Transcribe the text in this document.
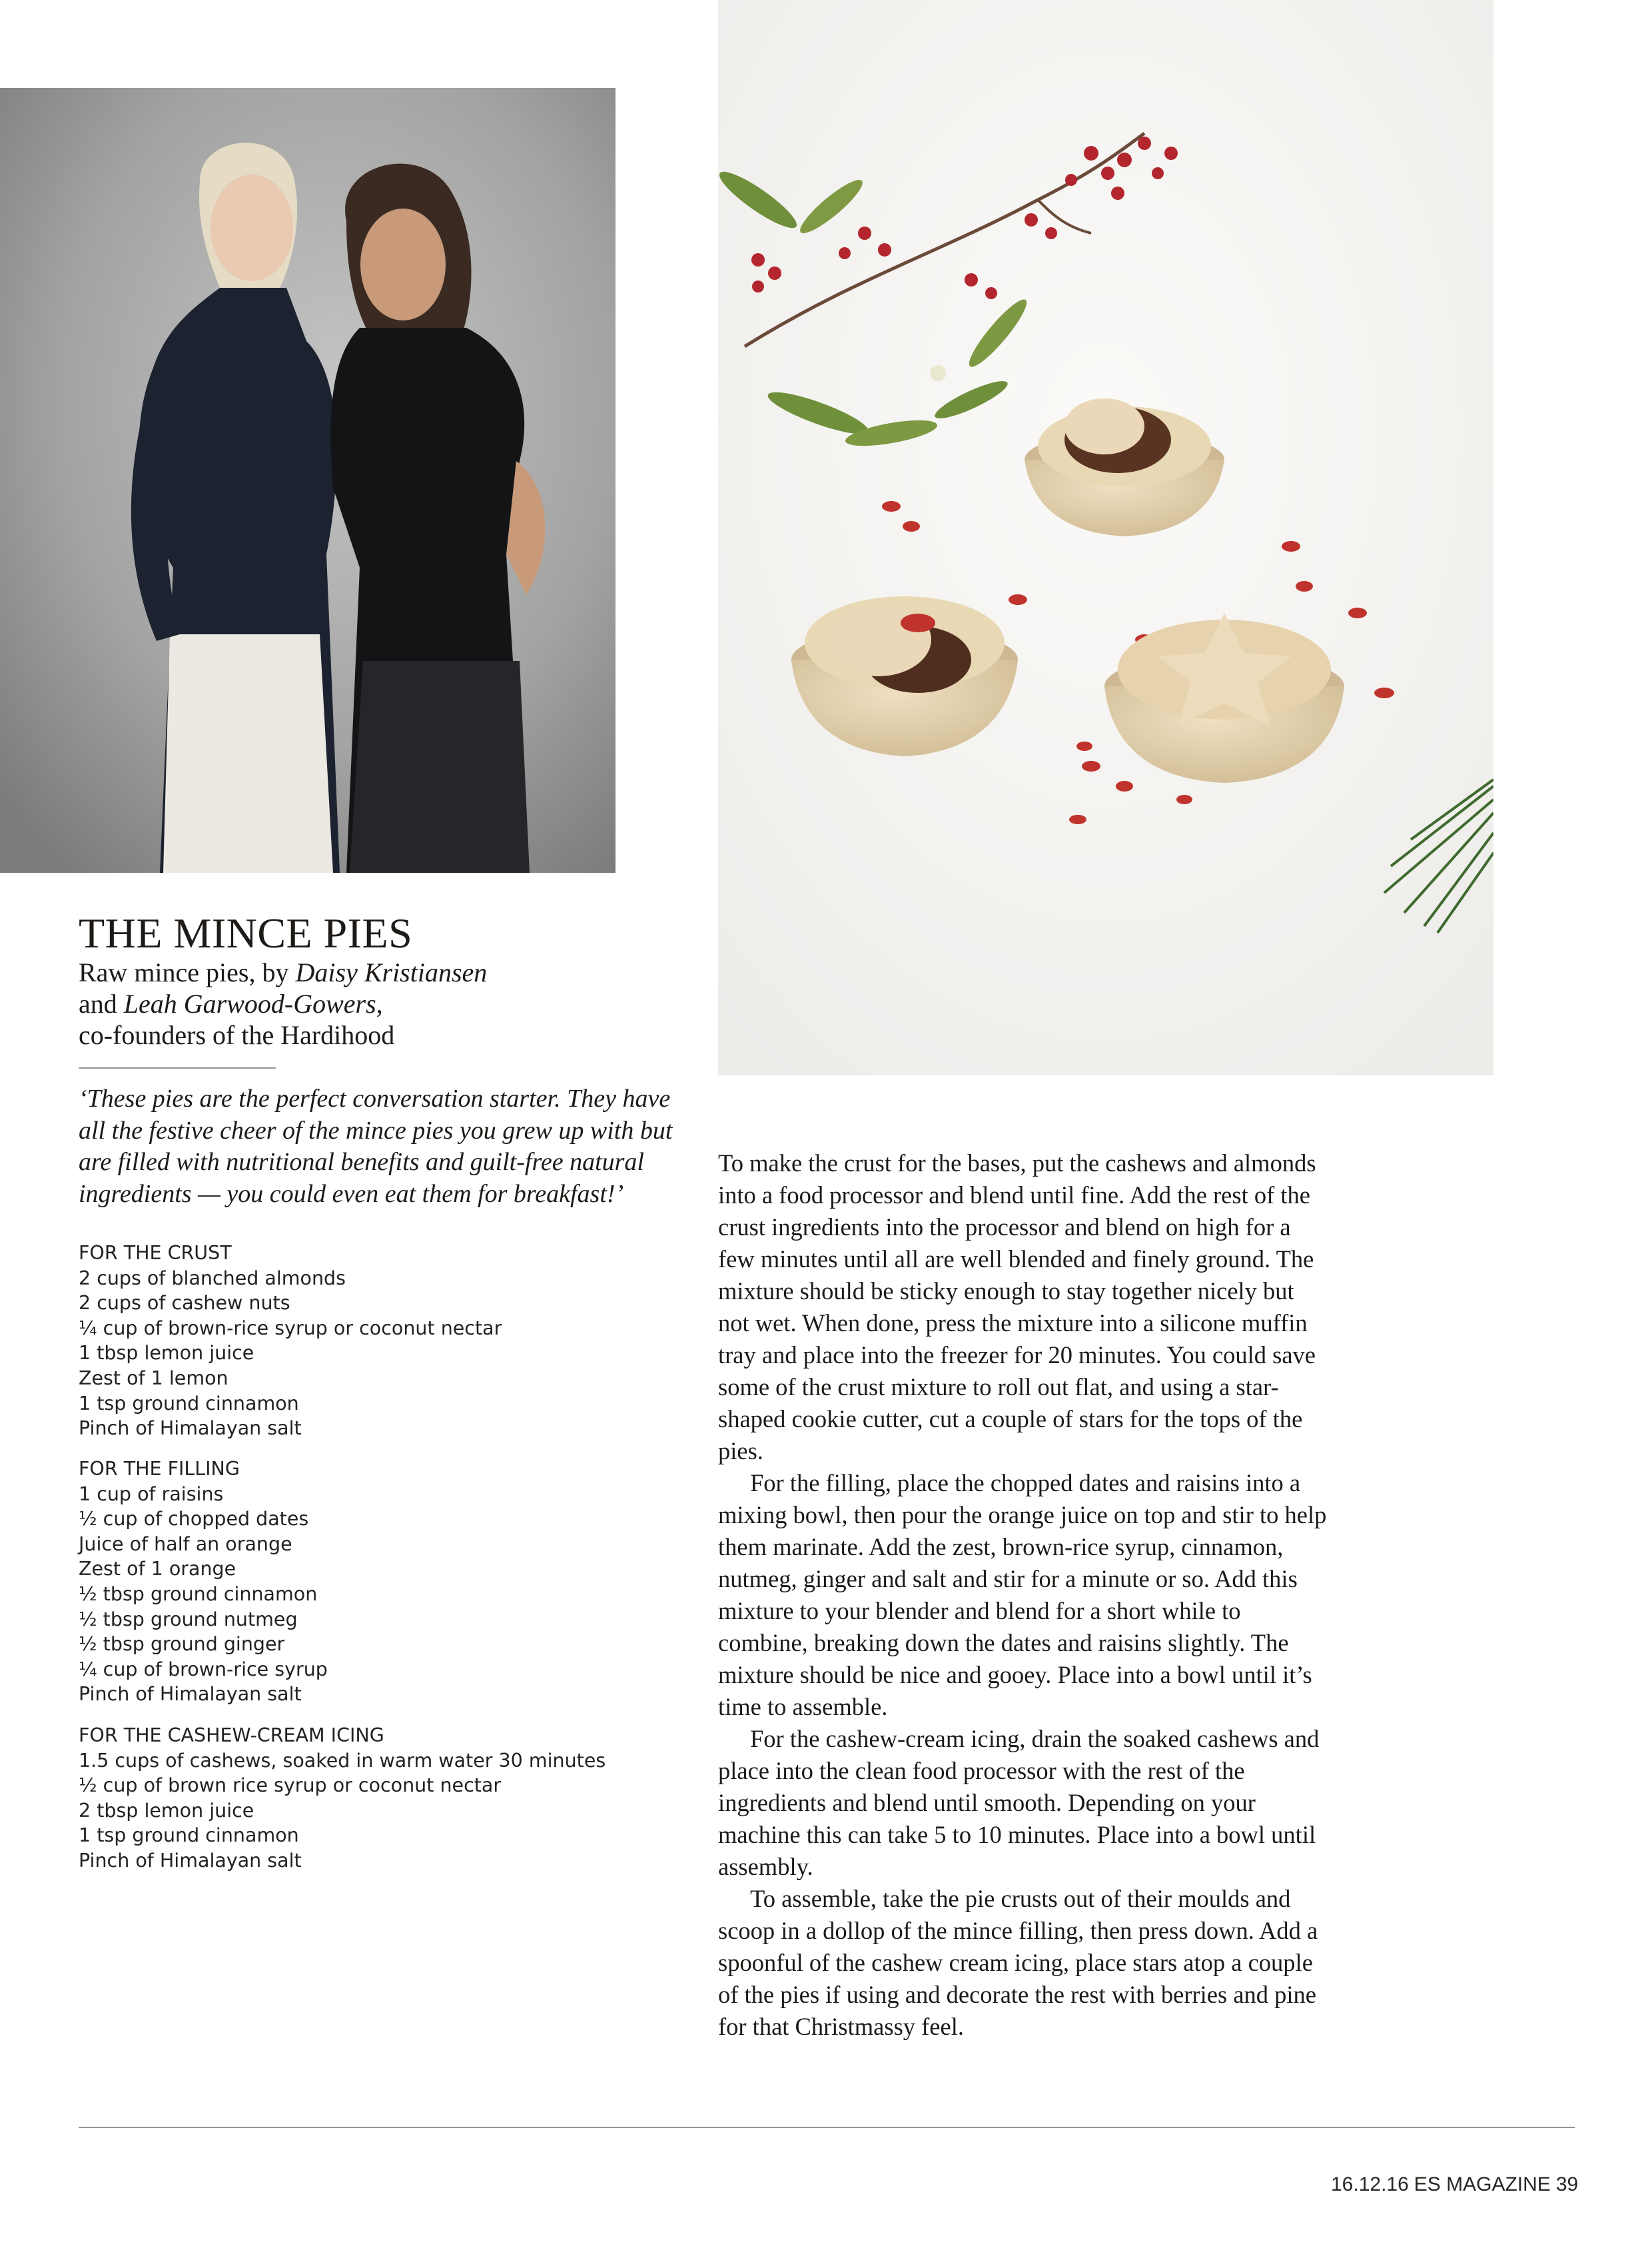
THE MINCE PIES
Raw mince pies, by Daisy Kristiansen
and Leah Garwood-Gowers,
co-founders of the Hardihood
‘These pies are the perfect conversation starter. They have all the festive cheer of the mince pies you grew up with but are filled with nutritional benefits and guilt-free natural ingredients — you could even eat them for breakfast!’
FOR THE CRUST
2 cups of blanched almonds
2 cups of cashew nuts
¼ cup of brown-rice syrup or coconut nectar
1 tbsp lemon juice
Zest of 1 lemon
1 tsp ground cinnamon
Pinch of Himalayan salt
FOR THE FILLING
1 cup of raisins
½ cup of chopped dates
Juice of half an orange
Zest of 1 orange
½ tbsp ground cinnamon
½ tbsp ground nutmeg
½ tbsp ground ginger
¼ cup of brown-rice syrup
Pinch of Himalayan salt
FOR THE CASHEW-CREAM ICING
1.5 cups of cashews, soaked in warm water 30 minutes
½ cup of brown rice syrup or coconut nectar
2 tbsp lemon juice
1 tsp ground cinnamon
Pinch of Himalayan salt

To make the crust for the bases, put the cashews and almonds into a food processor and blend until fine. Add the rest of the crust ingredients into the processor and blend on high for a few minutes until all are well blended and finely ground. The mixture should be sticky enough to stay together nicely but not wet. When done, press the mixture into a silicone muffin tray and place into the freezer for 20 minutes. You could save some of the crust mixture to roll out flat, and using a star-shaped cookie cutter, cut a couple of stars for the tops of the pies.

For the filling, place the chopped dates and raisins into a mixing bowl, then pour the orange juice on top and stir to help them marinate. Add the zest, brown-rice syrup, cinnamon, nutmeg, ginger and salt and stir for a minute or so. Add this mixture to your blender and blend for a short while to combine, breaking down the dates and raisins slightly. The mixture should be nice and gooey. Place into a bowl until it’s time to assemble.

For the cashew-cream icing, drain the soaked cashews and place into the clean food processor with the rest of the ingredients and blend until smooth. Depending on your machine this can take 5 to 10 minutes. Place into a bowl until assembly.

To assemble, take the pie crusts out of their moulds and scoop in a dollop of the mince filling, then press down. Add a spoonful of the cashew cream icing, place stars atop a couple of the pies if using and decorate the rest with berries and pine for that Christmassy feel.

16.12.16 ES MAGAZINE 39
